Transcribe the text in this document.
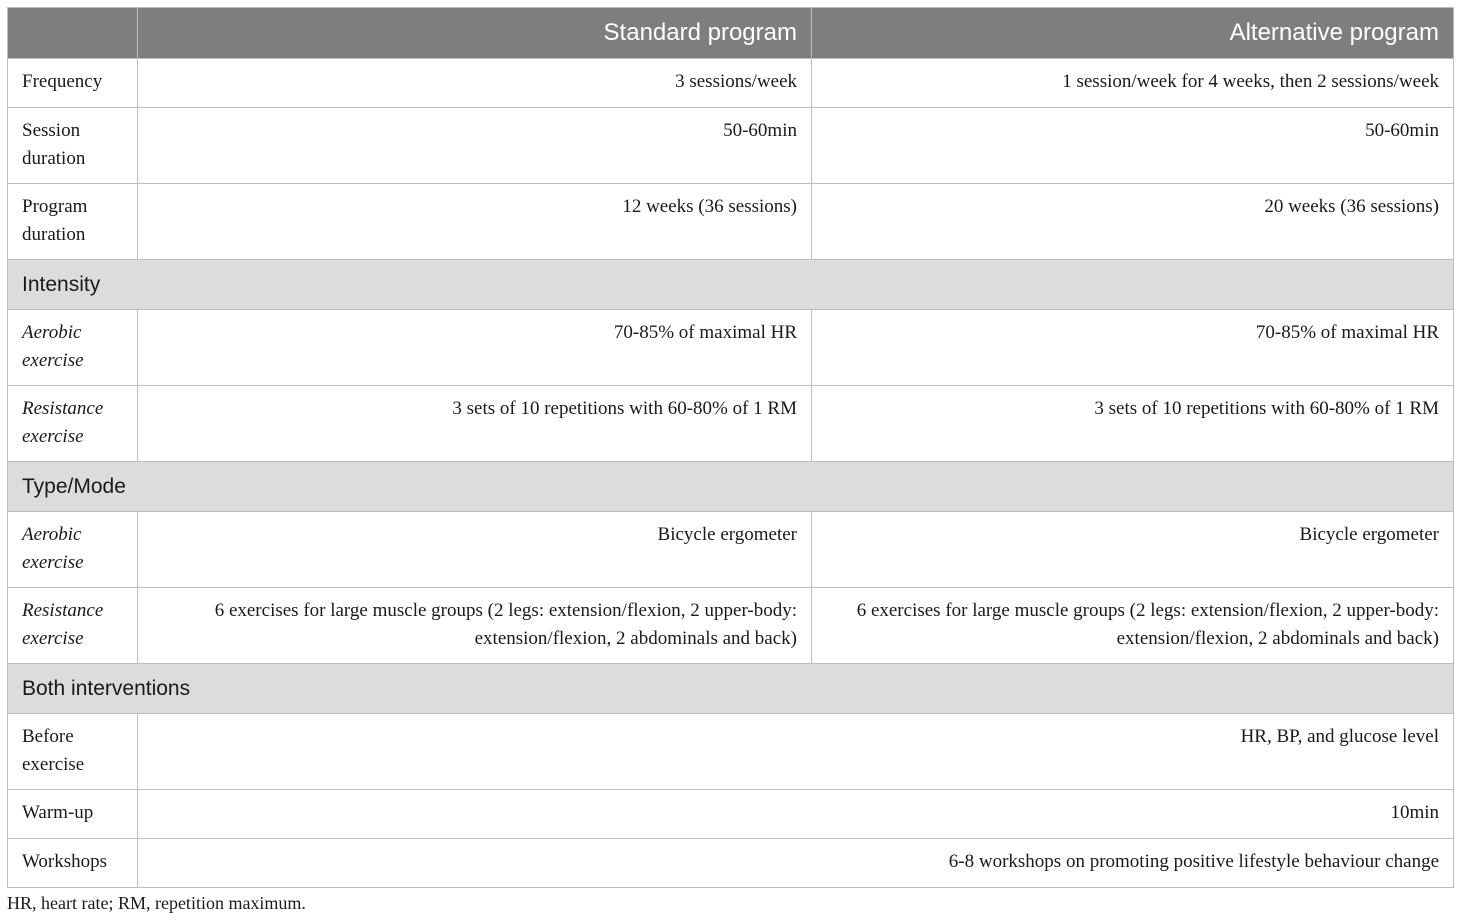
	Standard program	Alternative program
Frequency	3 sessions/week	1 session/week for 4 weeks, then 2 sessions/week
Session duration	50-60min	50-60min
Program duration	12 weeks (36 sessions)	20 weeks (36 sessions)
Intensity		
Aerobic exercise	70-85% of maximal HR	70-85% of maximal HR
Resistance exercise	3 sets of 10 repetitions with 60-80% of 1 RM	3 sets of 10 repetitions with 60-80% of 1 RM
Type/Mode		
Aerobic exercise	Bicycle ergometer	Bicycle ergometer
Resistance exercise	6 exercises for large muscle groups (2 legs: extension/flexion, 2 upper-body: extension/flexion, 2 abdominals and back)	6 exercises for large muscle groups (2 legs: extension/flexion, 2 upper-body: extension/flexion, 2 abdominals and back)
Both interventions		
Before exercise	HR, BP, and glucose level	
Warm-up	10min	
Workshops	6-8 workshops on promoting positive lifestyle behaviour change	
HR, heart rate; RM, repetition maximum.
